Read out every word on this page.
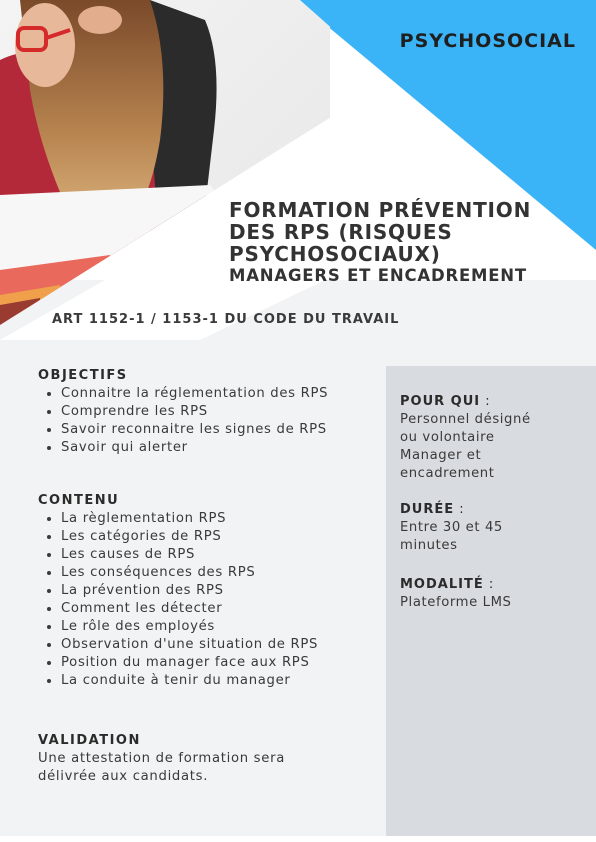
PSYCHOSOCIAL
FORMATION PRÉVENTION
DES RPS (RISQUES
PSYCHOSOCIAUX)
MANAGERS ET ENCADREMENT
ART 1152-1 / 1153-1 DU CODE DU TRAVAIL
OBJECTIFS
• Connaitre la réglementation des RPS
• Comprendre les RPS
• Savoir reconnaitre les signes de RPS
• Savoir qui alerter
CONTENU
• La règlementation RPS
• Les catégories de RPS
• Les causes de RPS
• Les conséquences des RPS
• La prévention des RPS
• Comment les détecter
• Le rôle des employés
• Observation d'une situation de RPS
• Position du manager face aux RPS
• La conduite à tenir du manager
VALIDATION

Une attestation de formation sera
délivrée aux candidats.

POUR QUI :
Personnel désigné
ou volontaire
Manager et
encadrement
DURÉE :
Entre 30 et 45
minutes
MODALITÉ :
Plateforme LMS
